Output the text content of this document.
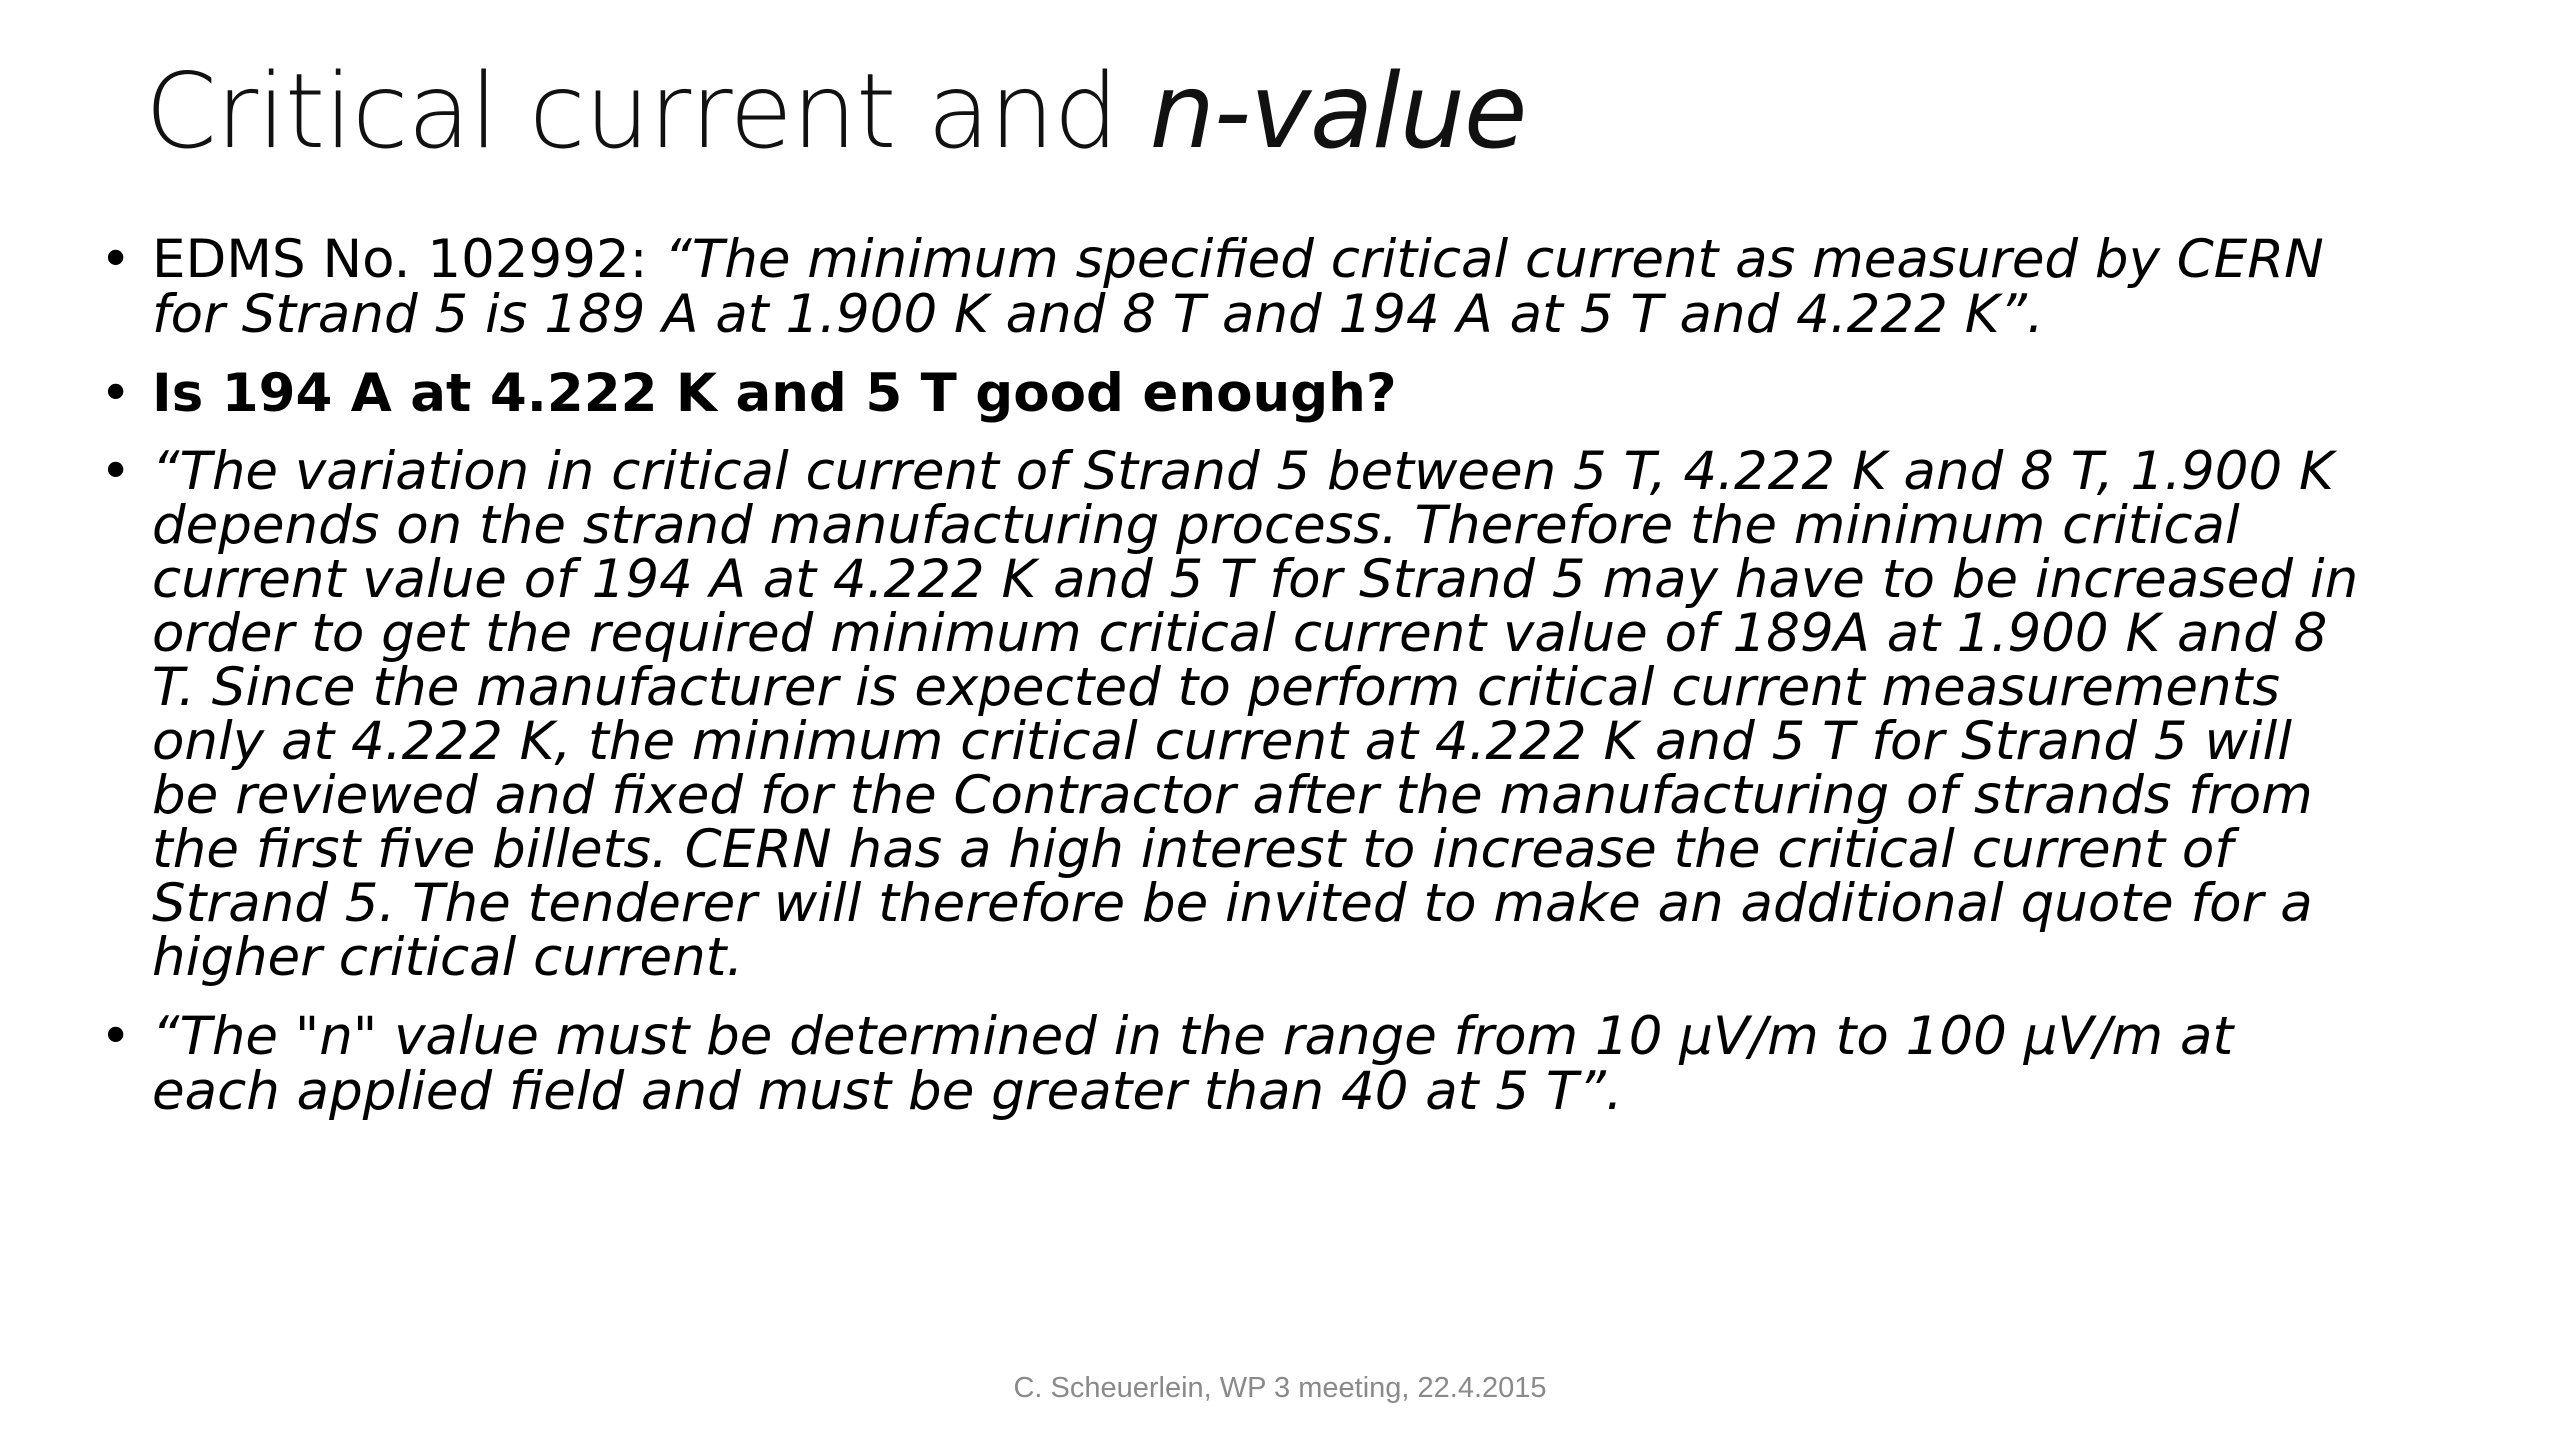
Critical current and n-value
• EDMS No. 102992: “The minimum specified critical current as measured by CERN for Strand 5 is 189 A at 1.900 K and 8 T and 194 A at 5 T and 4.222 K”.
• Is 194 A at 4.222 K and 5 T good enough?
• “The variation in critical current of Strand 5 between 5 T, 4.222 K and 8 T, 1.900 K depends on the strand manufacturing process. Therefore the minimum critical current value of 194 A at 4.222 K and 5 T for Strand 5 may have to be increased in order to get the required minimum critical current value of 189A at 1.900 K and 8 T. Since the manufacturer is expected to perform critical current measurements only at 4.222 K, the minimum critical current at 4.222 K and 5 T for Strand 5 will be reviewed and fixed for the Contractor after the manufacturing of strands from the first five billets. CERN has a high interest to increase the critical current of Strand 5. The tenderer will therefore be invited to make an additional quote for a higher critical current.
• “The "n" value must be determined in the range from 10 µV/m to 100 µV/m at each applied field and must be greater than 40 at 5 T”.
C. Scheuerlein, WP 3 meeting, 22.4.2015
